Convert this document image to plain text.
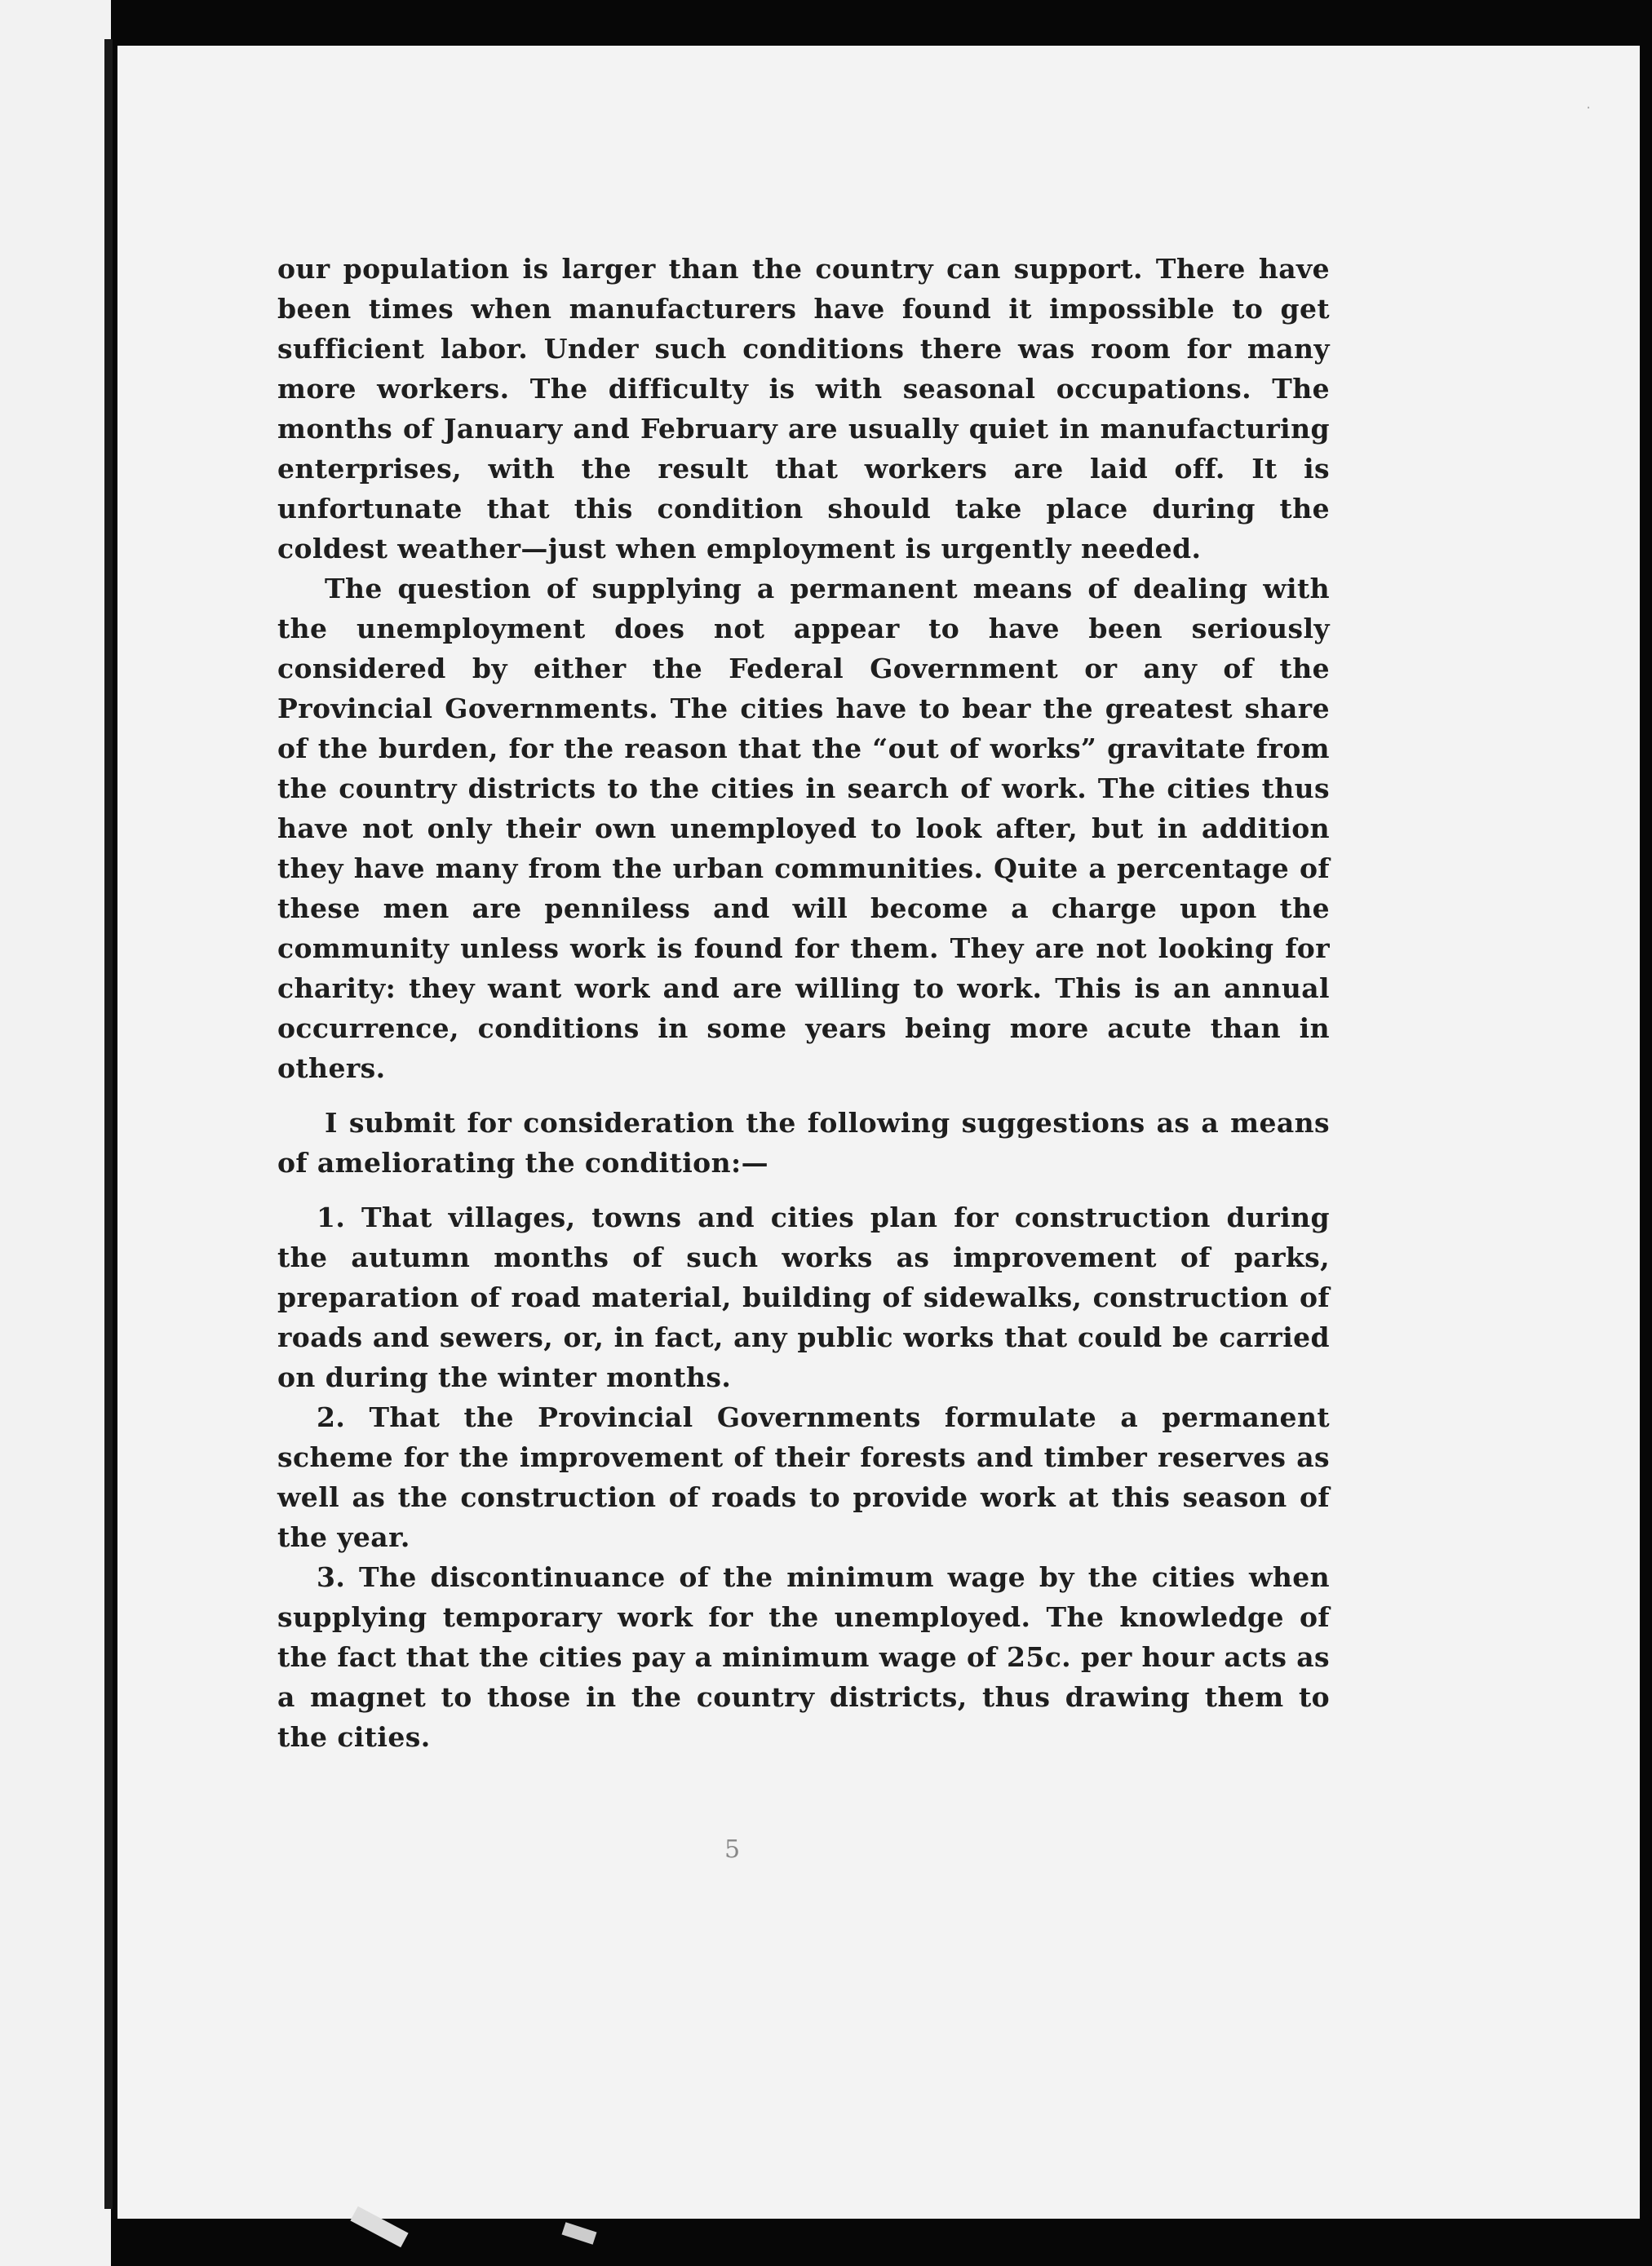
·

our population is larger than the country can support. There have been times when manufacturers have found it impossible to get sufficient labor. Under such conditions there was room for many more workers. The difficulty is with seasonal occupations. The months of January and February are usually quiet in manufacturing enterprises, with the result that workers are laid off. It is unfortunate that this condition should take place during the coldest weather—just when employment is urgently needed.

The question of supplying a permanent means of dealing with the unemployment does not appear to have been seriously considered by either the Federal Government or any of the Provincial Governments. The cities have to bear the greatest share of the burden, for the reason that the “out of works” gravitate from the country districts to the cities in search of work. The cities thus have not only their own unemployed to look after, but in addition they have many from the urban communities. Quite a percentage of these men are penniless and will become a charge upon the community unless work is found for them. They are not looking for charity: they want work and are willing to work. This is an annual occurrence, conditions in some years being more acute than in others.

I submit for consideration the following suggestions as a means of ameliorating the condition:—

1. That villages, towns and cities plan for construction during the autumn months of such works as improvement of parks, preparation of road material, building of sidewalks, construction of roads and sewers, or, in fact, any public works that could be carried on during the winter months.

2. That the Provincial Governments formulate a permanent scheme for the improvement of their forests and timber reserves as well as the construction of roads to provide work at this season of the year.

3. The discontinuance of the minimum wage by the cities when supplying temporary work for the unemployed. The knowledge of the fact that the cities pay a minimum wage of 25c. per hour acts as a magnet to those in the country districts, thus drawing them to the cities.

5
